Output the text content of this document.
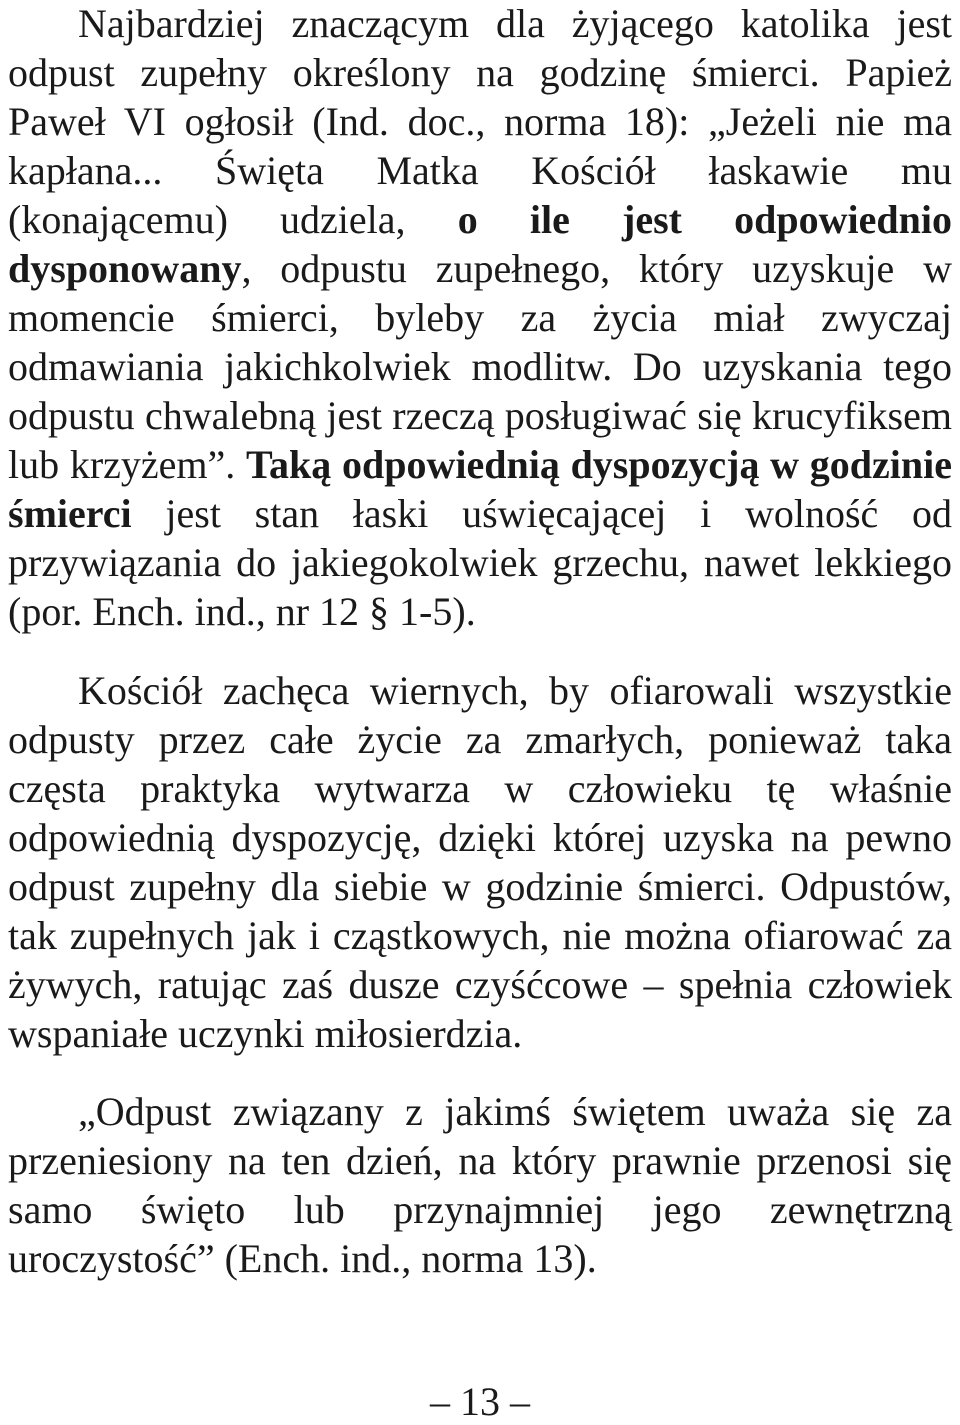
Najbardziej znaczącym dla żyjącego katolika jest odpust zupełny określony na godzinę śmierci. Papież Paweł VI ogłosił (Ind. doc., norma 18): „Jeżeli nie ma kapłana... Święta Matka Kościół łaskawie mu (konającemu) udziela, o ile jest odpowiednio dysponowany, odpustu zupełnego, który uzyskuje w momencie śmierci, byleby za życia miał zwyczaj odmawiania jakichkolwiek modlitw. Do uzyskania tego odpustu chwalebną jest rzeczą posługiwać się krucyfiksem lub krzyżem”. Taką odpowiednią dyspozycją w godzinie śmierci jest stan łaski uświęcającej i wolność od przywiązania do jakiegokolwiek grzechu, nawet lekkiego (por. Ench. ind., nr 12 § 1-5).

Kościół zachęca wiernych, by ofiarowali wszystkie odpusty przez całe życie za zmarłych, ponieważ taka częsta praktyka wytwarza w człowieku tę właśnie odpowiednią dyspozycję, dzięki której uzyska na pewno odpust zupełny dla siebie w godzinie śmierci. Odpustów, tak zupełnych jak i cząstkowych, nie można ofiarować za żywych, ratując zaś dusze czyśćcowe – spełnia człowiek wspaniałe uczynki miłosierdzia.

„Odpust związany z jakimś świętem uważa się za przeniesiony na ten dzień, na który prawnie przenosi się samo święto lub przynajmniej jego zewnętrzną uroczystość” (Ench. ind., norma 13).

– 13 –
